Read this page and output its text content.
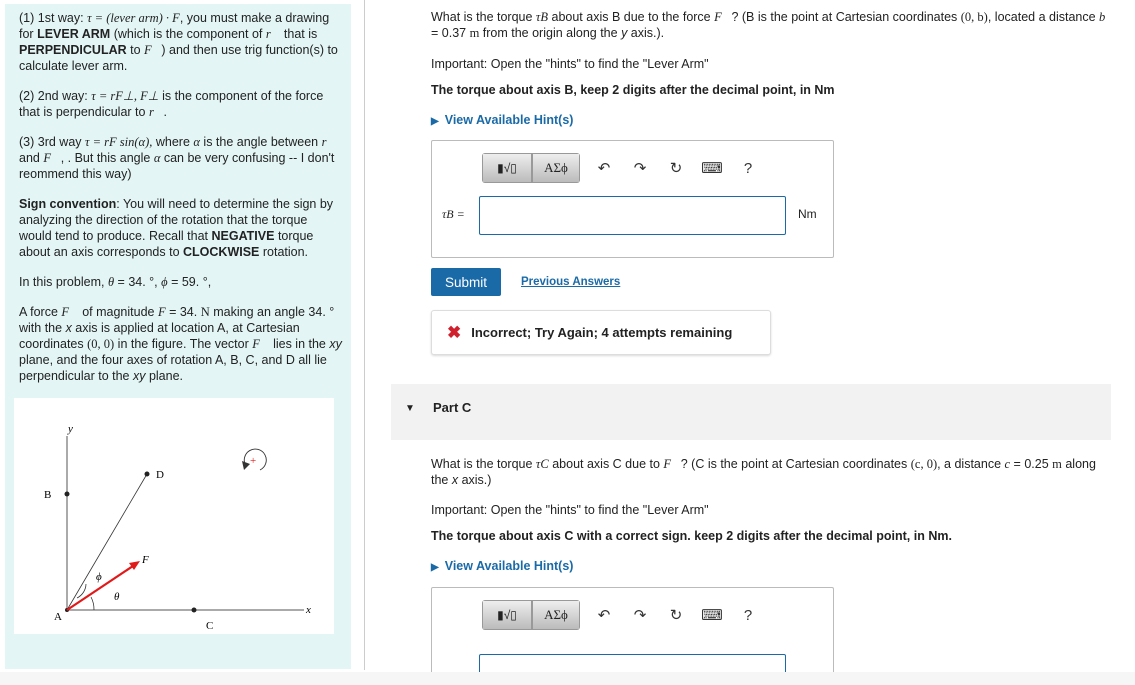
(1) 1st way: τ = (lever arm) · F, you must make a drawing for LEVER ARM (which is the component of r⃗ that is PERPENDICULAR to F⃗) and then use trig function(s) to calculate lever arm.

(2) 2nd way: τ = rF⊥, F⊥ is the component of the force that is perpendicular to r⃗.

(3) 3rd way τ = rF sin(α), where α is the angle between r⃗ and F⃗, . But this angle α can be very confusing -- I don't reommend this way)

Sign convention: You will need to determine the sign by analyzing the direction of the rotation that the torque would tend to produce. Recall that NEGATIVE torque about an axis corresponds to CLOCKWISE rotation.

In this problem, θ = 34. °, ϕ = 59. °,

A force F⃗ of magnitude F = 34. N making an angle 34. ° with the x axis is applied at location A, at Cartesian coordinates (0, 0) in the figure. The vector F⃗ lies in the xy plane, and the four axes of rotation A, B, C, and D all lie perpendicular to the xy plane.

y
x
B
D
C
A
F⃗
ϕ
θ
+
What is the torque τB about axis B due to the force F⃗? (B is the point at Cartesian coordinates (0, b), located a distance b = 0.37 m from the origin along the y axis.).
Important: Open the "hints" to find the "Lever Arm"
The torque about axis B, keep 2 digits after the decimal point, in Nm
▶ View Available Hint(s)
▮√▯	ΑΣϕ	↶	↷	↻	⌨	?
τB =	Nm
Submit	Previous Answers
✖ Incorrect; Try Again; 4 attempts remaining
▼ Part C
What is the torque τC about axis C due to F⃗? (C is the point at Cartesian coordinates (c, 0), a distance c = 0.25 m along the x axis.)
Important: Open the "hints" to find the "Lever Arm"
The torque about axis C with a correct sign. keep 2 digits after the decimal point, in Nm.
▶ View Available Hint(s)
▮√▯	ΑΣϕ	↶	↷	↻	⌨	?
